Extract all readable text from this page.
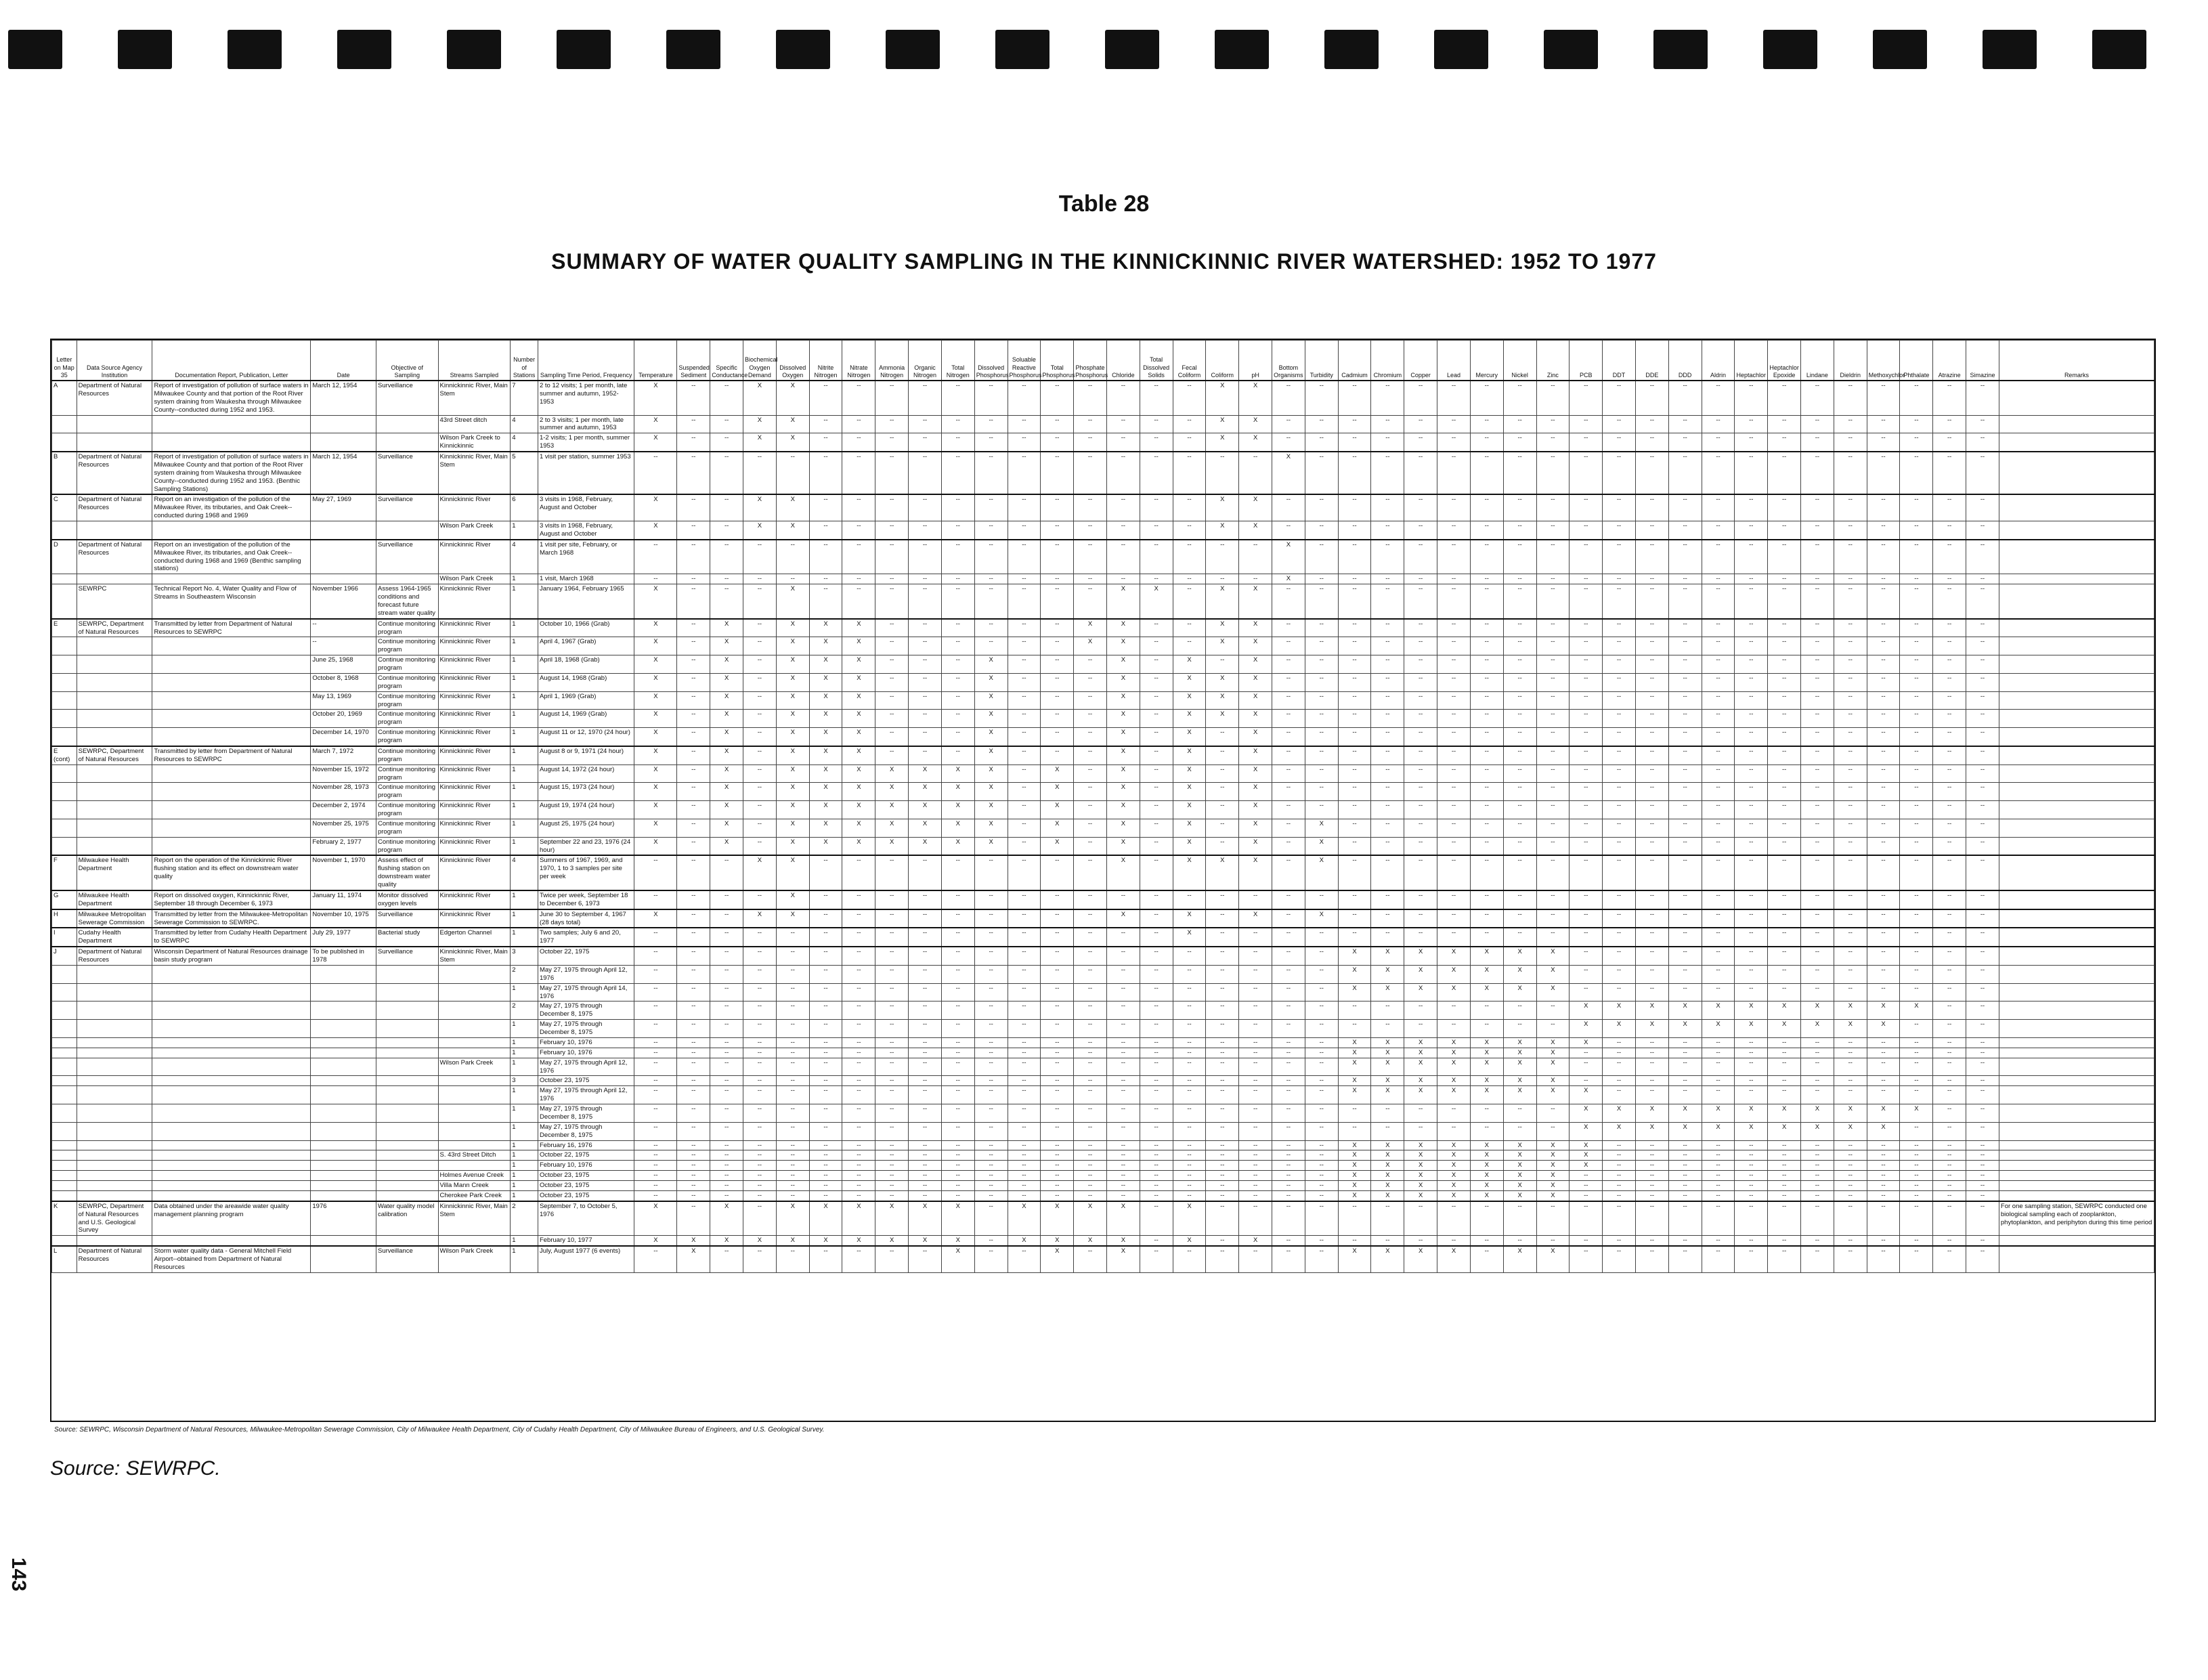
Table 28
SUMMARY OF WATER QUALITY SAMPLING IN THE KINNICKINNIC RIVER WATERSHED: 1952 TO 1977
Letter on Map 35	Data Source Agency Institution	Documentation Report, Publication, Letter	Date	Objective of Sampling	Streams Sampled	Number of Stations	Sampling Time Period, Frequency	Temperature	Suspended Sediment	Specific Conductance	Biochemical Oxygen Demand	Dissolved Oxygen	Nitrite Nitrogen	Nitrate Nitrogen	Ammonia Nitrogen	Organic Nitrogen	Total Nitrogen	Dissolved Phosphorus	Soluable Reactive Phosphorus	Total Phosphorus	Phosphate Phosphorus	Chloride	Total Dissolved Solids	Fecal Coliform	Coliform	pH	Bottom Organisms	Turbidity	Cadmium	Chromium	Copper	Lead	Mercury	Nickel	Zinc	PCB	DDT	DDE	DDD	Aldrin	Heptachlor	Heptachlor Epoxide	Lindane	Dieldrin	Methoxychlor	Phthalate	Atrazine	Simazine	Remarks
A	Department of Natural Resources	Report of investigation of pollution of surface waters in Milwaukee County and that portion of the Root River system draining from Waukesha through Milwaukee County--conducted during 1952 and 1953.	March 12, 1954	Surveillance	Kinnickinnic River, Main Stem	7	2 to 12 visits; 1 per month, late summer and autumn, 1952-1953	X	--	--	X	X	--	--	--	--	--	--	--	--	--	--	--	--	X	X	--	--	--	--	--	--	--	--	--	--	--	--	--	--	--	--	--	--	--	--	--	--	
					43rd Street ditch	4	2 to 3 visits; 1 per month, late summer and autumn, 1953	X	--	--	X	X	--	--	--	--	--	--	--	--	--	--	--	--	X	X	--	--	--	--	--	--	--	--	--	--	--	--	--	--	--	--	--	--	--	--	--	--	
					Wilson Park Creek to Kinnickinnic	4	1-2 visits; 1 per month, summer 1953	X	--	--	X	X	--	--	--	--	--	--	--	--	--	--	--	--	X	X	--	--	--	--	--	--	--	--	--	--	--	--	--	--	--	--	--	--	--	--	--	--	
B	Department of Natural Resources	Report of investigation of pollution of surface waters in Milwaukee County and that portion of the Root River system draining from Waukesha through Milwaukee County--conducted during 1952 and 1953. (Benthic Sampling Stations)	March 12, 1954	Surveillance	Kinnickinnic River, Main Stem	5	1 visit per station, summer 1953	--	--	--	--	--	--	--	--	--	--	--	--	--	--	--	--	--	--	--	X	--	--	--	--	--	--	--	--	--	--	--	--	--	--	--	--	--	--	--	--	--	
C	Department of Natural Resources	Report on an investigation of the pollution of the Milwaukee River, its tributaries, and Oak Creek--conducted during 1968 and 1969	May 27, 1969	Surveillance	Kinnickinnic River	6	3 visits in 1968, February, August and October	X	--	--	X	X	--	--	--	--	--	--	--	--	--	--	--	--	X	X	--	--	--	--	--	--	--	--	--	--	--	--	--	--	--	--	--	--	--	--	--	--	
					Wilson Park Creek	1	3 visits in 1968, February, August and October	X	--	--	X	X	--	--	--	--	--	--	--	--	--	--	--	--	X	X	--	--	--	--	--	--	--	--	--	--	--	--	--	--	--	--	--	--	--	--	--	--	
D	Department of Natural Resources	Report on an investigation of the pollution of the Milwaukee River, its tributaries, and Oak Creek--conducted during 1968 and 1969 (Benthic sampling stations)		Surveillance	Kinnickinnic River	4	1 visit per site, February, or March 1968	--	--	--	--	--	--	--	--	--	--	--	--	--	--	--	--	--	--	--	X	--	--	--	--	--	--	--	--	--	--	--	--	--	--	--	--	--	--	--	--	--	
					Wilson Park Creek	1	1 visit, March 1968	--	--	--	--	--	--	--	--	--	--	--	--	--	--	--	--	--	--	--	X	--	--	--	--	--	--	--	--	--	--	--	--	--	--	--	--	--	--	--	--	--	
	SEWRPC	Technical Report No. 4, Water Quality and Flow of Streams in Southeastern Wisconsin	November 1966	Assess 1964-1965 conditions and forecast future stream water quality	Kinnickinnic River	1	January 1964, February 1965	X	--	--	--	X	--	--	--	--	--	--	--	--	--	X	X	--	X	X	--	--	--	--	--	--	--	--	--	--	--	--	--	--	--	--	--	--	--	--	--	--	
E	SEWRPC, Department of Natural Resources	Transmitted by letter from Department of Natural Resources to SEWRPC	--	Continue monitoring program	Kinnickinnic River	1	October 10, 1966 (Grab)	X	--	X	--	X	X	X	--	--	--	--	--	--	X	X	--	--	X	X	--	--	--	--	--	--	--	--	--	--	--	--	--	--	--	--	--	--	--	--	--	--	
			--	Continue monitoring program	Kinnickinnic River	1	April 4, 1967 (Grab)	X	--	X	--	X	X	X	--	--	--	--	--	--	X	X	--	--	X	X	--	--	--	--	--	--	--	--	--	--	--	--	--	--	--	--	--	--	--	--	--	--	
			June 25, 1968	Continue monitoring program	Kinnickinnic River	1	April 18, 1968 (Grab)	X	--	X	--	X	X	X	--	--	--	X	--	--	--	X	--	X	--	X	--	--	--	--	--	--	--	--	--	--	--	--	--	--	--	--	--	--	--	--	--	--	
			October 8, 1968	Continue monitoring program	Kinnickinnic River	1	August 14, 1968 (Grab)	X	--	X	--	X	X	X	--	--	--	X	--	--	--	X	--	X	X	X	--	--	--	--	--	--	--	--	--	--	--	--	--	--	--	--	--	--	--	--	--	--	
			May 13, 1969	Continue monitoring program	Kinnickinnic River	1	April 1, 1969 (Grab)	X	--	X	--	X	X	X	--	--	--	X	--	--	--	X	--	X	X	X	--	--	--	--	--	--	--	--	--	--	--	--	--	--	--	--	--	--	--	--	--	--	
			October 20, 1969	Continue monitoring program	Kinnickinnic River	1	August 14, 1969 (Grab)	X	--	X	--	X	X	X	--	--	--	X	--	--	--	X	--	X	X	X	--	--	--	--	--	--	--	--	--	--	--	--	--	--	--	--	--	--	--	--	--	--	
			December 14, 1970	Continue monitoring program	Kinnickinnic River	1	August 11 or 12, 1970 (24 hour)	X	--	X	--	X	X	X	--	--	--	X	--	--	--	X	--	X	--	X	--	--	--	--	--	--	--	--	--	--	--	--	--	--	--	--	--	--	--	--	--	--	
E (cont)	SEWRPC, Department of Natural Resources	Transmitted by letter from Department of Natural Resources to SEWRPC	March 7, 1972	Continue monitoring program	Kinnickinnic River	1	August 8 or 9, 1971 (24 hour)	X	--	X	--	X	X	X	--	--	--	X	--	--	--	X	--	X	--	X	--	--	--	--	--	--	--	--	--	--	--	--	--	--	--	--	--	--	--	--	--	--	
			November 15, 1972	Continue monitoring program	Kinnickinnic River	1	August 14, 1972 (24 hour)	X	--	X	--	X	X	X	X	X	X	X	--	X	--	X	--	X	--	X	--	--	--	--	--	--	--	--	--	--	--	--	--	--	--	--	--	--	--	--	--	--	
			November 28, 1973	Continue monitoring program	Kinnickinnic River	1	August 15, 1973 (24 hour)	X	--	X	--	X	X	X	X	X	X	X	--	X	--	X	--	X	--	X	--	--	--	--	--	--	--	--	--	--	--	--	--	--	--	--	--	--	--	--	--	--	
			December 2, 1974	Continue monitoring program	Kinnickinnic River	1	August 19, 1974 (24 hour)	X	--	X	--	X	X	X	X	X	X	X	--	X	--	X	--	X	--	X	--	--	--	--	--	--	--	--	--	--	--	--	--	--	--	--	--	--	--	--	--	--	
			November 25, 1975	Continue monitoring program	Kinnickinnic River	1	August 25, 1975 (24 hour)	X	--	X	--	X	X	X	X	X	X	X	--	X	--	X	--	X	--	X	--	X	--	--	--	--	--	--	--	--	--	--	--	--	--	--	--	--	--	--	--	--	
			February 2, 1977	Continue monitoring program	Kinnickinnic River	1	September 22 and 23, 1976 (24 hour)	X	--	X	--	X	X	X	X	X	X	X	--	X	--	X	--	X	--	X	--	X	--	--	--	--	--	--	--	--	--	--	--	--	--	--	--	--	--	--	--	--	
F	Milwaukee Health Department	Report on the operation of the Kinnickinnic River flushing station and its effect on downstream water quality	November 1, 1970	Assess effect of flushing station on downstream water quality	Kinnickinnic River	4	Summers of 1967, 1969, and 1970, 1 to 3 samples per site per week	--	--	--	X	X	--	--	--	--	--	--	--	--	--	X	--	X	X	X	--	X	--	--	--	--	--	--	--	--	--	--	--	--	--	--	--	--	--	--	--	--	
G	Milwaukee Health Department	Report on dissolved oxygen, Kinnickinnic River, September 18 through December 6, 1973	January 11, 1974	Monitor dissolved oxygen levels	Kinnickinnic River	1	Twice per week, September 18 to December 6, 1973	--	--	--	--	X	--	--	--	--	--	--	--	--	--	--	--	--	--	--	--	--	--	--	--	--	--	--	--	--	--	--	--	--	--	--	--	--	--	--	--	--	
H	Milwaukee Metropolitan Sewerage Commission	Transmitted by letter from the Milwaukee-Metropolitan Sewerage Commission to SEWRPC.	November 10, 1975	Surveillance	Kinnickinnic River	1	June 30 to September 4, 1967 (28 days total)	X	--	--	X	X	--	--	--	--	--	--	--	--	--	X	--	X	--	X	--	X	--	--	--	--	--	--	--	--	--	--	--	--	--	--	--	--	--	--	--	--	
I	Cudahy Health Department	Transmitted by letter from Cudahy Health Department to SEWRPC	July 29, 1977	Bacterial study	Edgerton Channel	1	Two samples; July 6 and 20, 1977	--	--	--	--	--	--	--	--	--	--	--	--	--	--	--	--	X	--	--	--	--	--	--	--	--	--	--	--	--	--	--	--	--	--	--	--	--	--	--	--	--	
J	Department of Natural Resources	Wisconsin Department of Natural Resources drainage basin study program	To be published in 1978	Surveillance	Kinnickinnic River, Main Stem	3	October 22, 1975	--	--	--	--	--	--	--	--	--	--	--	--	--	--	--	--	--	--	--	--	--	X	X	X	X	X	X	X	--	--	--	--	--	--	--	--	--	--	--	--	--	
						2	May 27, 1975 through April 12, 1976	--	--	--	--	--	--	--	--	--	--	--	--	--	--	--	--	--	--	--	--	--	X	X	X	X	X	X	X	--	--	--	--	--	--	--	--	--	--	--	--	--	
						1	May 27, 1975 through April 14, 1976	--	--	--	--	--	--	--	--	--	--	--	--	--	--	--	--	--	--	--	--	--	X	X	X	X	X	X	X	--	--	--	--	--	--	--	--	--	--	--	--	--	
						2	May 27, 1975 through December 8, 1975	--	--	--	--	--	--	--	--	--	--	--	--	--	--	--	--	--	--	--	--	--	--	--	--	--	--	--	--	X	X	X	X	X	X	X	X	X	X	X	--	--	
						1	May 27, 1975 through December 8, 1975	--	--	--	--	--	--	--	--	--	--	--	--	--	--	--	--	--	--	--	--	--	--	--	--	--	--	--	--	X	X	X	X	X	X	X	X	X	X	--	--	--	
						1	February 10, 1976	--	--	--	--	--	--	--	--	--	--	--	--	--	--	--	--	--	--	--	--	--	X	X	X	X	X	X	X	X	--	--	--	--	--	--	--	--	--	--	--	--	
						1	February 10, 1976	--	--	--	--	--	--	--	--	--	--	--	--	--	--	--	--	--	--	--	--	--	X	X	X	X	X	X	X	--	--	--	--	--	--	--	--	--	--	--	--	--	
					Wilson Park Creek	1	May 27, 1975 through April 12, 1976	--	--	--	--	--	--	--	--	--	--	--	--	--	--	--	--	--	--	--	--	--	X	X	X	X	X	X	X	--	--	--	--	--	--	--	--	--	--	--	--	--	
						3	October 23, 1975	--	--	--	--	--	--	--	--	--	--	--	--	--	--	--	--	--	--	--	--	--	X	X	X	X	X	X	X	--	--	--	--	--	--	--	--	--	--	--	--	--	
						1	May 27, 1975 through April 12, 1976	--	--	--	--	--	--	--	--	--	--	--	--	--	--	--	--	--	--	--	--	--	X	X	X	X	X	X	X	X	--	--	--	--	--	--	--	--	--	--	--	--	
						1	May 27, 1975 through December 8, 1975	--	--	--	--	--	--	--	--	--	--	--	--	--	--	--	--	--	--	--	--	--	--	--	--	--	--	--	--	X	X	X	X	X	X	X	X	X	X	X	--	--	
						1	May 27, 1975 through December 8, 1975	--	--	--	--	--	--	--	--	--	--	--	--	--	--	--	--	--	--	--	--	--	--	--	--	--	--	--	--	X	X	X	X	X	X	X	X	X	X	--	--	--	
						1	February 16, 1976	--	--	--	--	--	--	--	--	--	--	--	--	--	--	--	--	--	--	--	--	--	X	X	X	X	X	X	X	X	--	--	--	--	--	--	--	--	--	--	--	--	
					S. 43rd Street Ditch	1	October 22, 1975	--	--	--	--	--	--	--	--	--	--	--	--	--	--	--	--	--	--	--	--	--	X	X	X	X	X	X	X	X	--	--	--	--	--	--	--	--	--	--	--	--	
						1	February 10, 1976	--	--	--	--	--	--	--	--	--	--	--	--	--	--	--	--	--	--	--	--	--	X	X	X	X	X	X	X	X	--	--	--	--	--	--	--	--	--	--	--	--	
					Holmes Avenue Creek	1	October 23, 1975	--	--	--	--	--	--	--	--	--	--	--	--	--	--	--	--	--	--	--	--	--	X	X	X	X	X	X	X	--	--	--	--	--	--	--	--	--	--	--	--	--	
					Villa Mann Creek	1	October 23, 1975	--	--	--	--	--	--	--	--	--	--	--	--	--	--	--	--	--	--	--	--	--	X	X	X	X	X	X	X	--	--	--	--	--	--	--	--	--	--	--	--	--	
					Cherokee Park Creek	1	October 23, 1975	--	--	--	--	--	--	--	--	--	--	--	--	--	--	--	--	--	--	--	--	--	X	X	X	X	X	X	X	--	--	--	--	--	--	--	--	--	--	--	--	--	
K	SEWRPC, Department of Natural Resources and U.S. Geological Survey	Data obtained under the areawide water quality management planning program	1976	Water quality model calibration	Kinnickinnic River, Main Stem	2	September 7, to October 5, 1976	X	--	X	--	X	X	X	X	X	X	--	X	X	X	X	--	X	--	--	--	--	--	--	--	--	--	--	--	--	--	--	--	--	--	--	--	--	--	--	--	--	For one sampling station, SEWRPC conducted one biological sampling each of zooplankton, phytoplankton, and periphyton during this time period
						1	February 10, 1977	X	X	X	X	X	X	X	X	X	X	--	X	X	X	X	--	X	--	X	--	--	--	--	--	--	--	--	--	--	--	--	--	--	--	--	--	--	--	--	--	--	
L	Department of Natural Resources	Storm water quality data - General Mitchell Field Airport--obtained from Department of Natural Resources		Surveillance	Wilson Park Creek	1	July, August 1977 (6 events)	--	X	--	--	--	--	--	--	--	X	--	--	X	--	X	--	--	--	--	--	--	X	X	X	X	--	X	X	--	--	--	--	--	--	--	--	--	--	--	--	--	
Source: SEWRPC, Wisconsin Department of Natural Resources, Milwaukee-Metropolitan Sewerage Commission, City of Milwaukee Health Department, City of Cudahy Health Department, City of Milwaukee Bureau of Engineers, and U.S. Geological Survey.
Source: SEWRPC.
143
